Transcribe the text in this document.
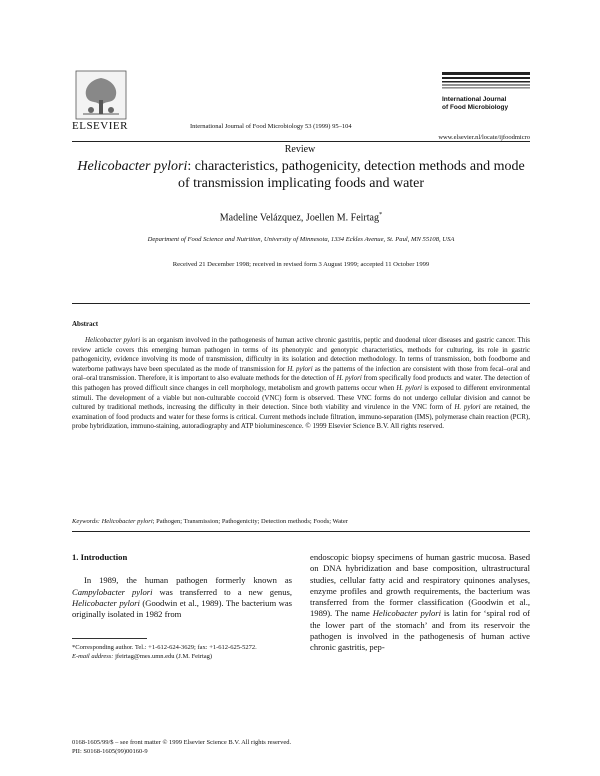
ELSEVIER	International Journal of Food Microbiology 53 (1999) 95–104
International Journal
of Food Microbiology
www.elsevier.nl/locate/ijfoodmicro
Review
Helicobacter pylori: characteristics, pathogenicity, detection methods and mode of transmission implicating foods and water
Madeline Velázquez, Joellen M. Feirtag*
Department of Food Science and Nutrition, University of Minnesota, 1334 Eckles Avenue, St. Paul, MN 55108, USA
Received 21 December 1998; received in revised form 3 August 1999; accepted 11 October 1999
Abstract
Helicobacter pylori is an organism involved in the pathogenesis of human active chronic gastritis, peptic and duodenal ulcer diseases and gastric cancer. This review article covers this emerging human pathogen in terms of its phenotypic and genotypic characteristics, methods for culturing, its role in gastric pathogenicity, evidence involving its mode of transmission, difficulty in its isolation and detection methodology. In terms of transmission, both foodborne and waterborne pathways have been speculated as the mode of transmission for H. pylori as the patterns of the infection are consistent with those from fecal–oral and oral–oral transmission. Therefore, it is important to also evaluate methods for the detection of H. pylori from specifically food products and water. The detection of this pathogen has proved difficult since changes in cell morphology, metabolism and growth patterns occur when H. pylori is exposed to different environmental stimuli. The development of a viable but non-culturable coccoid (VNC) form is observed. These VNC forms do not undergo cellular division and cannot be cultured by traditional methods, increasing the difficulty in their detection. Since both viability and virulence in the VNC form of H. pylori are retained, the examination of food products and water for these forms is critical. Current methods include filtration, immuno-separation (IMS), polymerase chain reaction (PCR), probe hybridization, immuno-staining, autoradiography and ATP bioluminescence. © 1999 Elsevier Science B.V. All rights reserved.
Keywords: Helicobacter pylori; Pathogen; Transmission; Pathogenicity; Detection methods; Foods; Water
1. Introduction
In 1989, the human pathogen formerly known as Campylobacter pylori was transferred to a new genus, Helicobacter pylori (Goodwin et al., 1989). The bacterium was originally isolated in 1982 from
endoscopic biopsy specimens of human gastric mucosa. Based on DNA hybridization and base composition, ultrastructural studies, cellular fatty acid and respiratory quinones analyses, enzyme profiles and growth requirements, the bacterium was transferred from the former classification (Goodwin et al., 1989). The name Helicobacter pylori is latin for ‘spiral rod of the lower part of the stomach’ and from its reservoir the pathogen is involved in the pathogenesis of human active chronic gastritis, pep-
*Corresponding author. Tel.: +1-612-624-3629; fax: +1-612-625-5272.
E-mail address: jfeirtag@mes.umn.edu (J.M. Feirtag)
0168-1605/99/$ – see front matter © 1999 Elsevier Science B.V. All rights reserved.
PII: S0168-1605(99)00160-9
